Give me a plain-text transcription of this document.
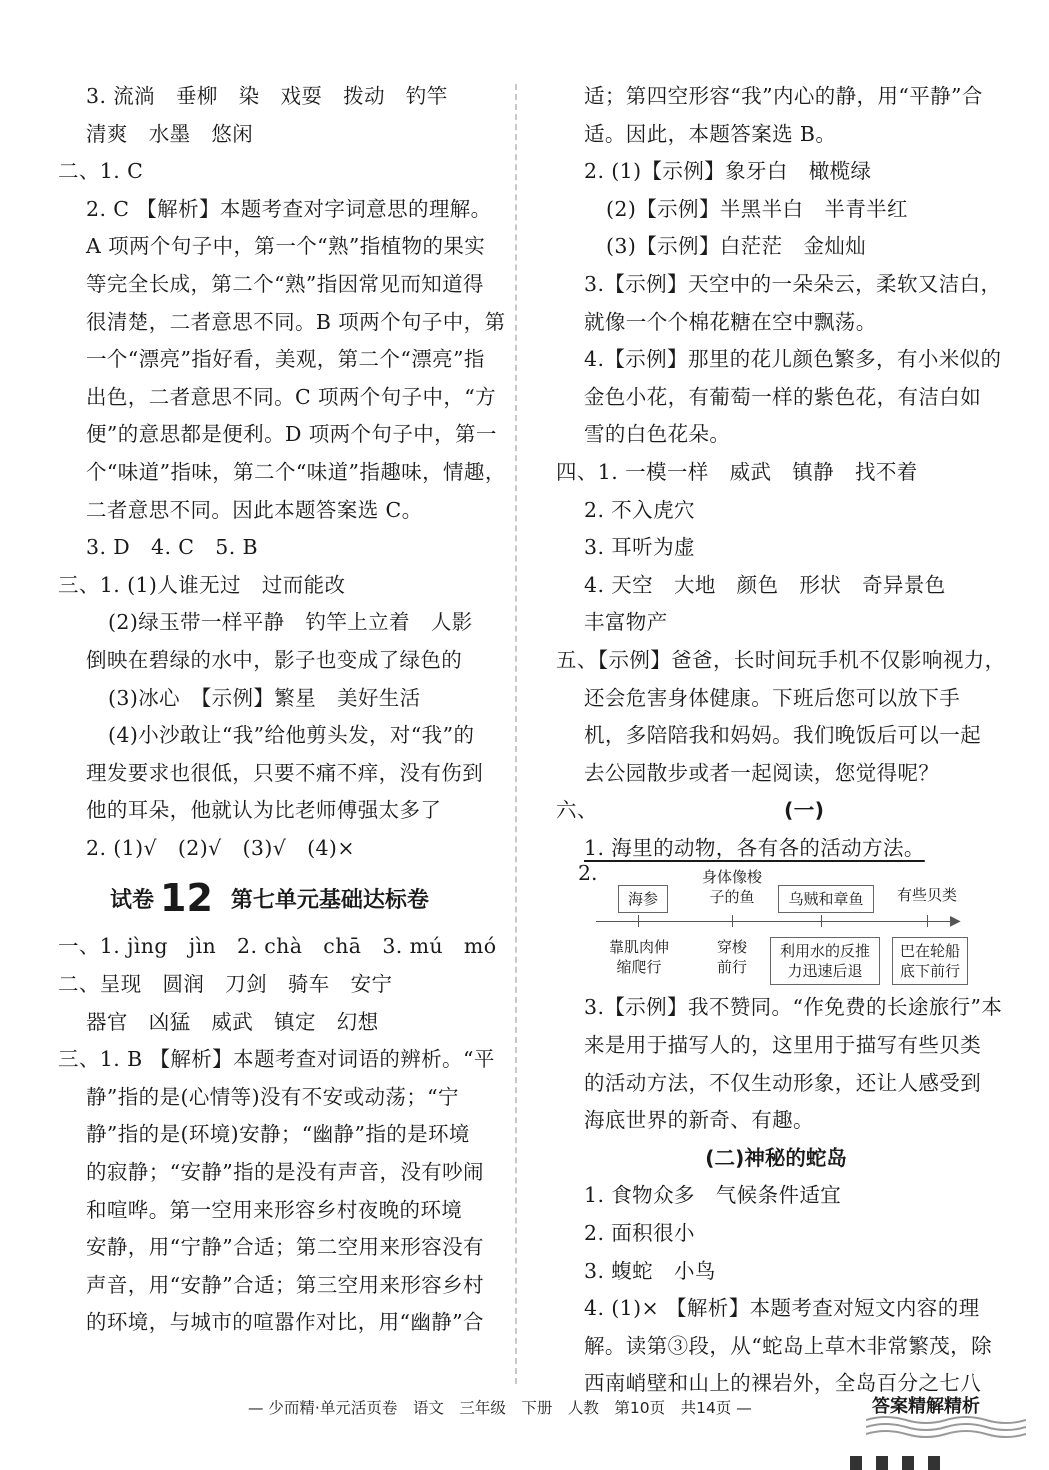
3. 流淌　垂柳　染　戏耍　拨动　钓竿
清爽　水墨　悠闲
二、1. C
2. C 【解析】本题考查对字词意思的理解。
A 项两个句子中，第一个“熟”指植物的果实
等完全长成，第二个“熟”指因常见而知道得
很清楚，二者意思不同。B 项两个句子中，第
一个“漂亮”指好看，美观，第二个“漂亮”指
出色，二者意思不同。C 项两个句子中，“方
便”的意思都是便利。D 项两个句子中，第一
个“味道”指味，第二个“味道”指趣味，情趣，
二者意思不同。因此本题答案选 C。
3. D　4. C　5. B
三、1. (1)人谁无过　过而能改
(2)绿玉带一样平静　钓竿上立着　人影
倒映在碧绿的水中，影子也变成了绿色的
(3)冰心　【示例】繁星　美好生活
(4)小沙敢让“我”给他剪头发，对“我”的
理发要求也很低，只要不痛不痒，没有伤到
他的耳朵，他就认为比老师傅强太多了
2. (1)√　(2)√　(3)√　(4)×
试卷 12 第七单元基础达标卷
一、1. jìng　jìn　2. chà　chā　3. mú　mó
二、呈现　圆润　刀剑　骑车　安宁
器官　凶猛　威武　镇定　幻想
三、1. B 【解析】本题考查对词语的辨析。“平
静”指的是(心情等)没有不安或动荡；“宁
静”指的是(环境)安静；“幽静”指的是环境
的寂静；“安静”指的是没有声音，没有吵闹
和喧哗。第一空用来形容乡村夜晚的环境
安静，用“宁静”合适；第二空用来形容没有
声音，用“安静”合适；第三空用来形容乡村
的环境，与城市的喧嚣作对比，用“幽静”合
适；第四空形容“我”内心的静，用“平静”合
适。因此，本题答案选 B。
2. (1)【示例】象牙白　橄榄绿
(2)【示例】半黑半白　半青半红
(3)【示例】白茫茫　金灿灿
3.【示例】天空中的一朵朵云，柔软又洁白，
就像一个个棉花糖在空中飘荡。
4.【示例】那里的花儿颜色繁多，有小米似的
金色小花，有葡萄一样的紫色花，有洁白如
雪的白色花朵。
四、1. 一模一样　威武　镇静　找不着
2. 不入虎穴
3. 耳听为虚
4. 天空　大地　颜色　形状　奇异景色
丰富物产
五、【示例】爸爸，长时间玩手机不仅影响视力，
还会危害身体健康。下班后您可以放下手
机，多陪陪我和妈妈。我们晚饭后可以一起
去公园散步或者一起阅读，您觉得呢？
六、	(一)
1. 海里的动物，各有各的活动方法。
2.
▶
海参
身体像梭子的鱼	乌贼和章鱼	有些贝类
靠肌肉伸缩爬行
穿梭前行
利用水的反推力迅速后退
巴在轮船底下前行
3.【示例】我不赞同。“作免费的长途旅行”本
来是用于描写人的，这里用于描写有些贝类
的活动方法，不仅生动形象，还让人感受到
海底世界的新奇、有趣。
(二)神秘的蛇岛
1. 食物众多　气候条件适宜
2. 面积很小
3. 蝮蛇　小鸟
4. (1)× 【解析】本题考查对短文内容的理
解。读第③段，从“蛇岛上草木非常繁茂，除
西南峭壁和山上的裸岩外，全岛百分之七八
— 少而精·单元活页卷　语文　三年级　下册　人教　第10页　共14页 —	答案精解精析
